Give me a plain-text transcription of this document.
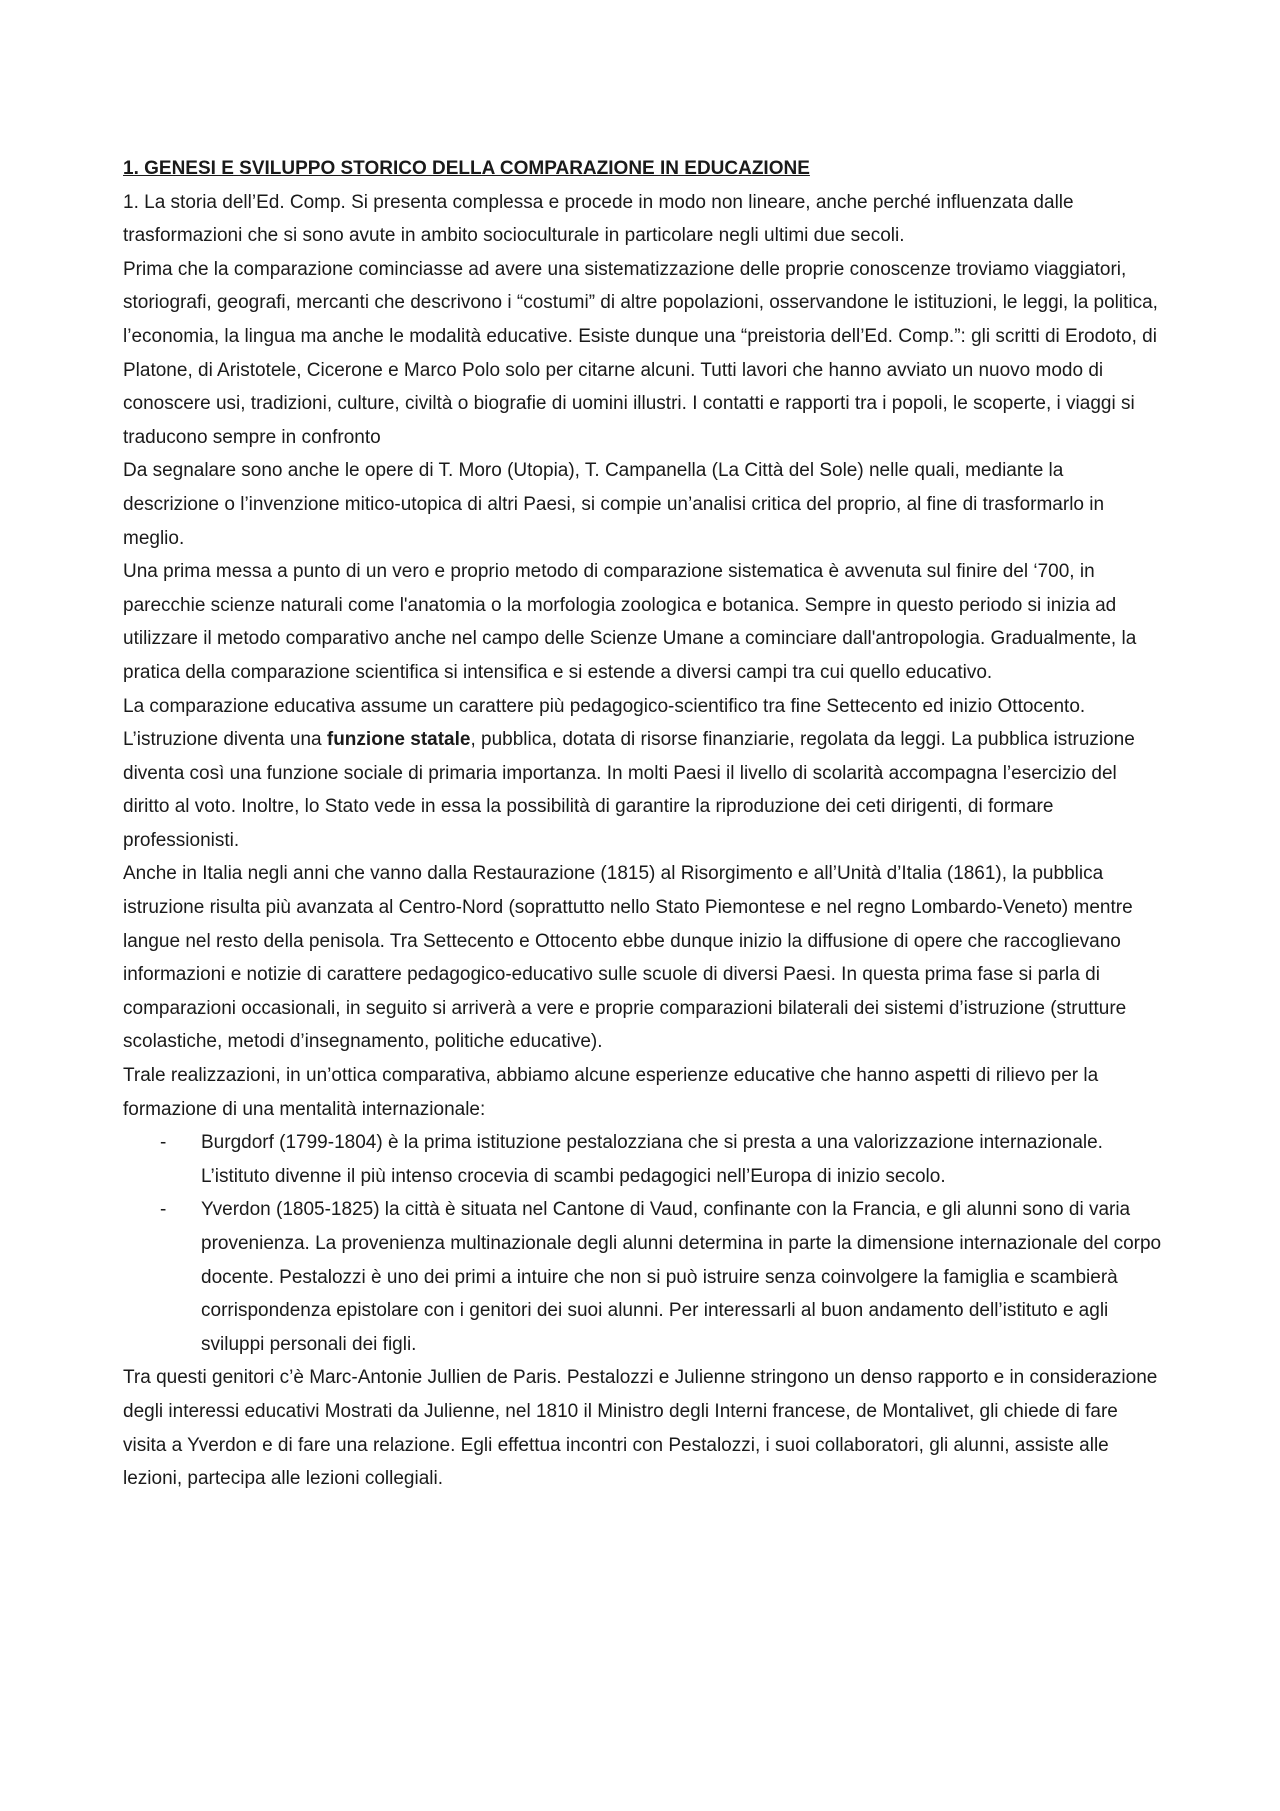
1. GENESI E SVILUPPO STORICO DELLA COMPARAZIONE IN EDUCAZIONE

1. La storia dell’Ed. Comp. Si presenta complessa e procede in modo non lineare, anche perché influenzata dalle trasformazioni che si sono avute in ambito socioculturale in particolare negli ultimi due secoli.

Prima che la comparazione cominciasse ad avere una sistematizzazione delle proprie conoscenze troviamo viaggiatori, storiografi, geografi, mercanti che descrivono i “costumi” di altre popolazioni, osservandone le istituzioni, le leggi, la politica, l’economia, la lingua ma anche le modalità educative. Esiste dunque una “preistoria dell’Ed. Comp.”: gli scritti di Erodoto, di Platone, di Aristotele, Cicerone e Marco Polo solo per citarne alcuni. Tutti lavori che hanno avviato un nuovo modo di conoscere usi, tradizioni, culture, civiltà o biografie di uomini illustri. I contatti e rapporti tra i popoli, le scoperte, i viaggi si traducono sempre in confronto

Da segnalare sono anche le opere di T. Moro (Utopia), T. Campanella (La Città del Sole) nelle quali, mediante la descrizione o l’invenzione mitico-utopica di altri Paesi, si compie un’analisi critica del proprio, al fine di trasformarlo in meglio.

Una prima messa a punto di un vero e proprio metodo di comparazione sistematica è avvenuta sul finire del ‘700, in parecchie scienze naturali come l'anatomia o la morfologia zoologica e botanica. Sempre in questo periodo si inizia ad utilizzare il metodo comparativo anche nel campo delle Scienze Umane a cominciare dall'antropologia. Gradualmente, la pratica della comparazione scientifica si intensifica e si estende a diversi campi tra cui quello educativo.

La comparazione educativa assume un carattere più pedagogico-scientifico tra fine Settecento ed inizio Ottocento. L’istruzione diventa una funzione statale, pubblica, dotata di risorse finanziarie, regolata da leggi. La pubblica istruzione diventa così una funzione sociale di primaria importanza. In molti Paesi il livello di scolarità accompagna l’esercizio del diritto al voto. Inoltre, lo Stato vede in essa la possibilità di garantire la riproduzione dei ceti dirigenti, di formare professionisti.

Anche in Italia negli anni che vanno dalla Restaurazione (1815) al Risorgimento e all’Unità d’Italia (1861), la pubblica istruzione risulta più avanzata al Centro-Nord (soprattutto nello Stato Piemontese e nel regno Lombardo-Veneto) mentre langue nel resto della penisola. Tra Settecento e Ottocento ebbe dunque inizio la diffusione di opere che raccoglievano informazioni e notizie di carattere pedagogico-educativo sulle scuole di diversi Paesi. In questa prima fase si parla di comparazioni occasionali, in seguito si arriverà a vere e proprie comparazioni bilaterali dei sistemi d’istruzione (strutture scolastiche, metodi d’insegnamento, politiche educative).

Trale realizzazioni, in un’ottica comparativa, abbiamo alcune esperienze educative che hanno aspetti di rilievo per la formazione di una mentalità internazionale:

- Burgdorf (1799-1804) è la prima istituzione pestalozziana che si presta a una valorizzazione internazionale. L’istituto divenne il più intenso crocevia di scambi pedagogici nell’Europa di inizio secolo.
- Yverdon (1805-1825) la città è situata nel Cantone di Vaud, confinante con la Francia, e gli alunni sono di varia provenienza. La provenienza multinazionale degli alunni determina in parte la dimensione internazionale del corpo docente. Pestalozzi è uno dei primi a intuire che non si può istruire senza coinvolgere la famiglia e scambierà corrispondenza epistolare con i genitori dei suoi alunni. Per interessarli al buon andamento dell’istituto e agli sviluppi personali dei figli.

Tra questi genitori c’è Marc-Antonie Jullien de Paris. Pestalozzi e Julienne stringono un denso rapporto e in considerazione degli interessi educativi Mostrati da Julienne, nel 1810 il Ministro degli Interni francese, de Montalivet, gli chiede di fare visita a Yverdon e di fare una relazione. Egli effettua incontri con Pestalozzi, i suoi collaboratori, gli alunni, assiste alle lezioni, partecipa alle lezioni collegiali.
